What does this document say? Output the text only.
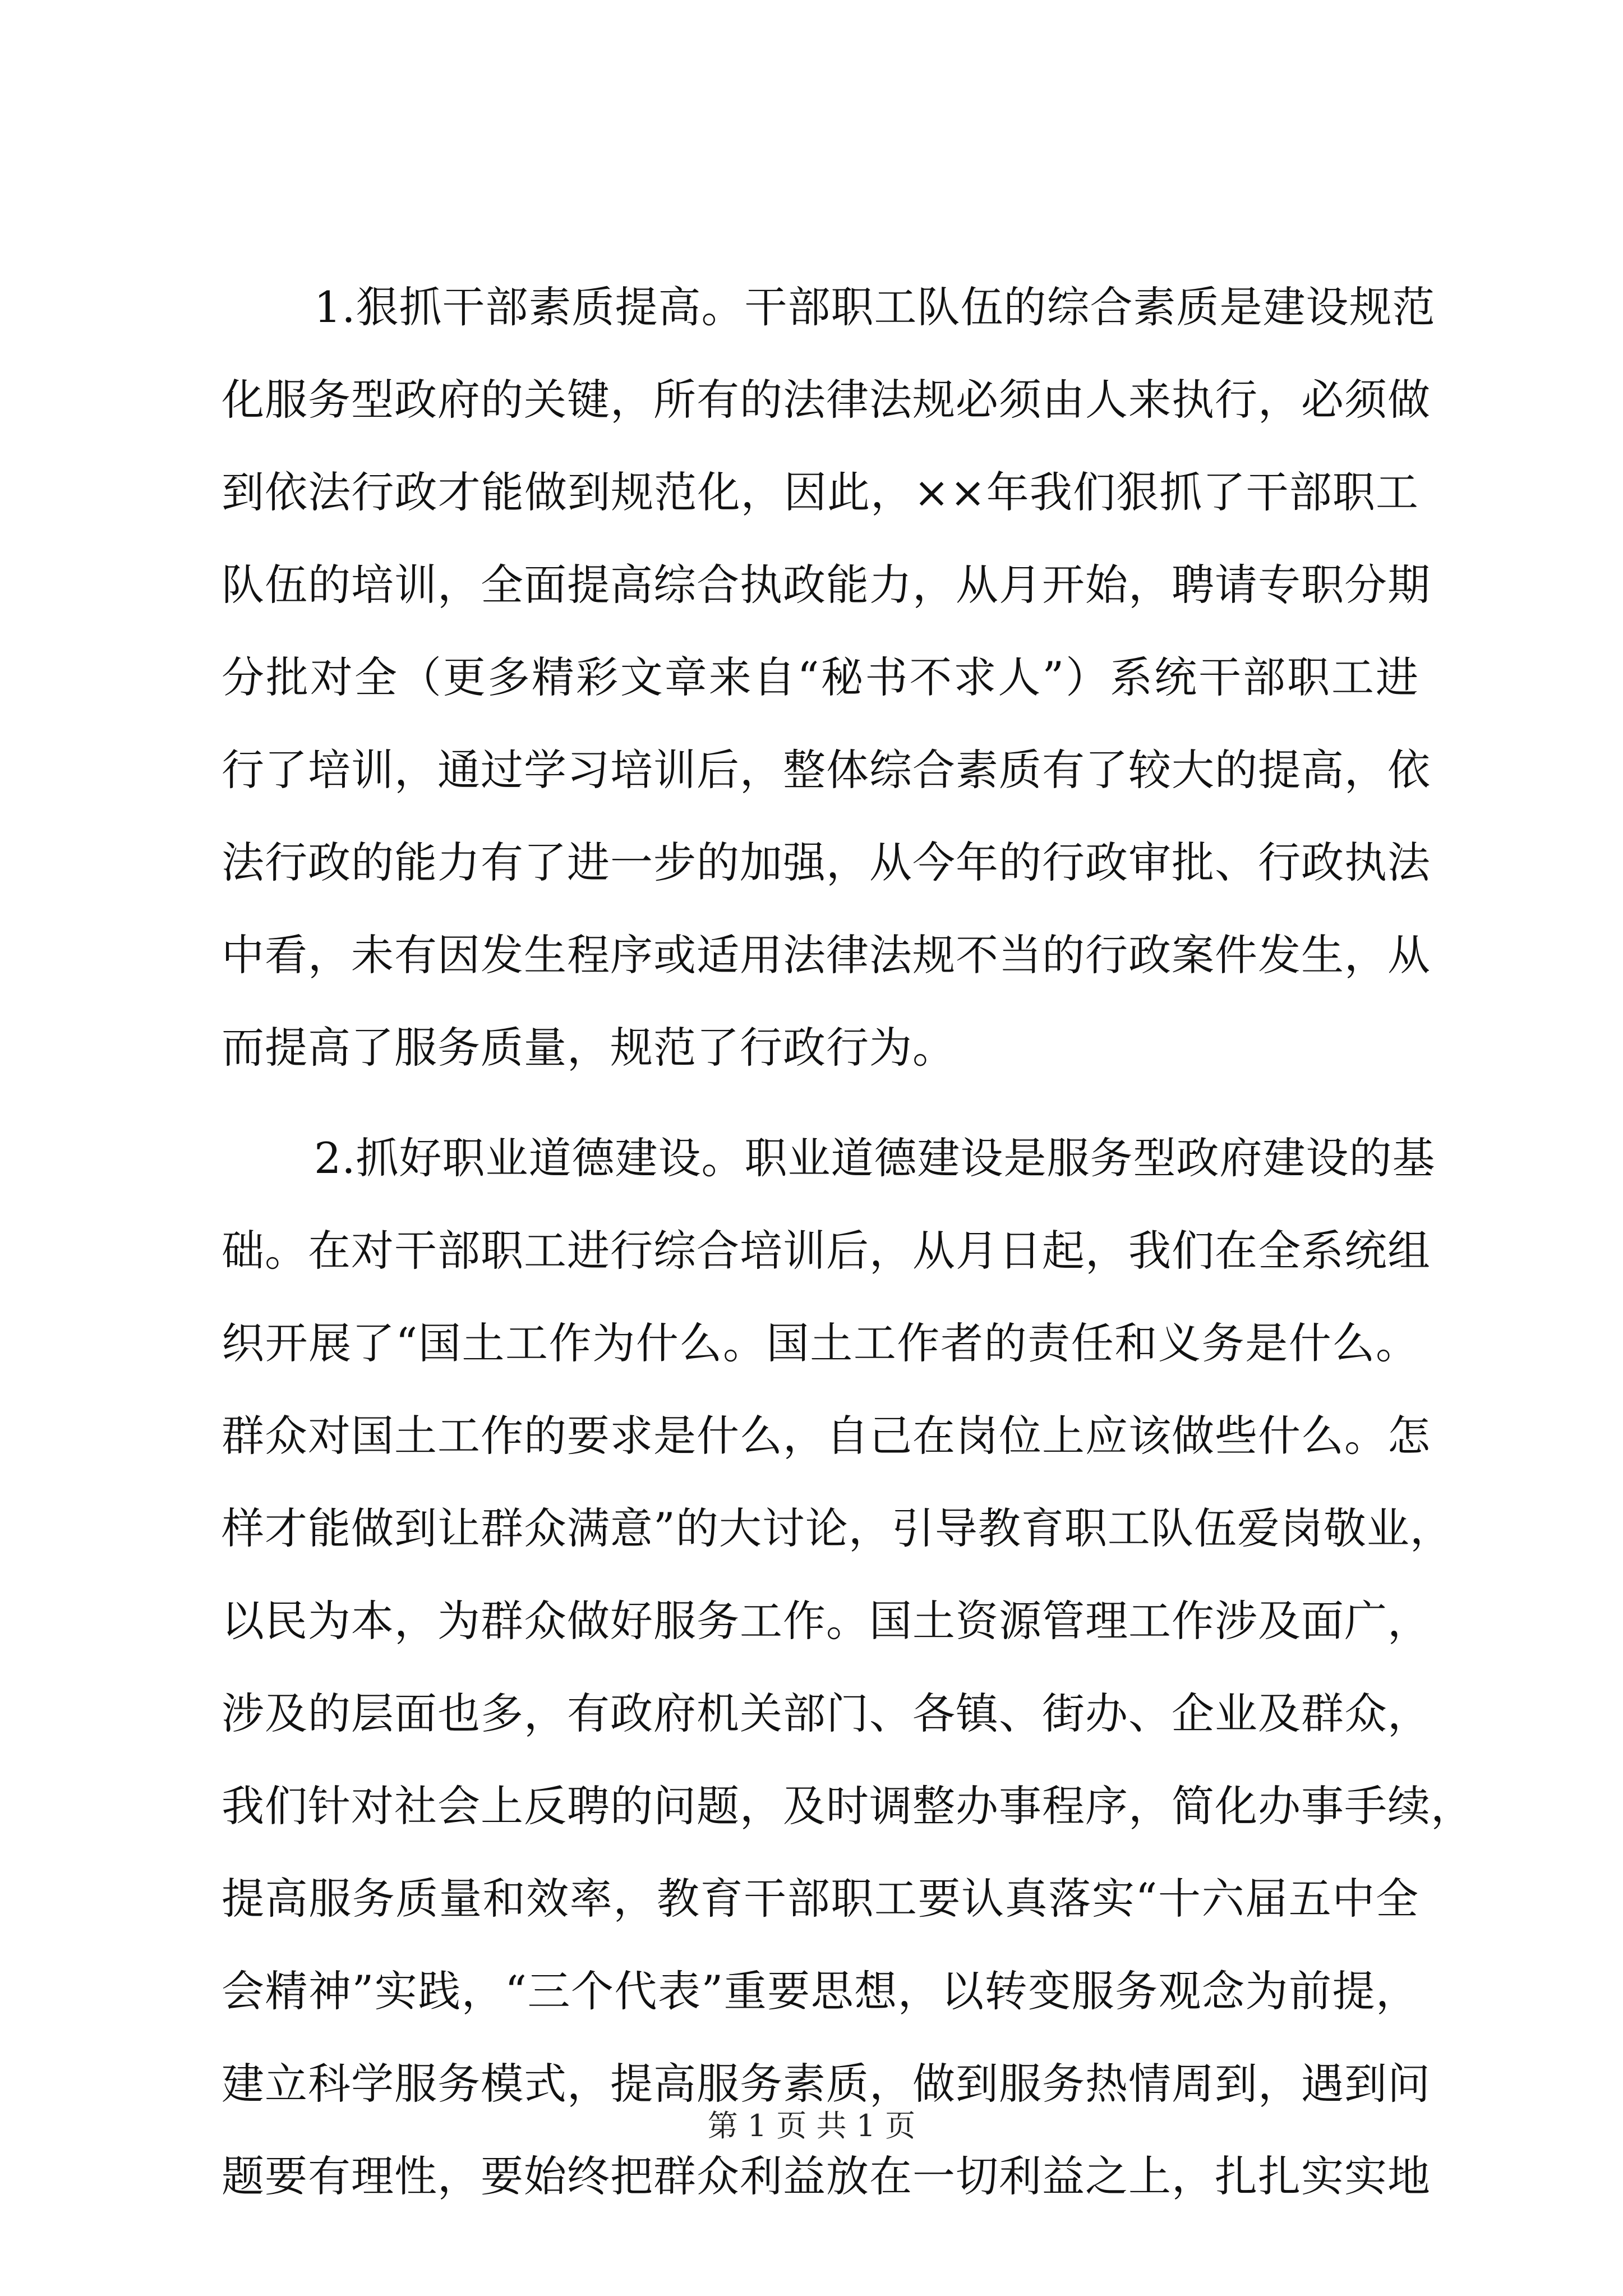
1.狠抓干部素质提高。干部职工队伍的综合素质是建设规范
化服务型政府的关键，所有的法律法规必须由人来执行，必须做
到依法行政才能做到规范化，因此，××年我们狠抓了干部职工
队伍的培训，全面提高综合执政能力，从月开始，聘请专职分期
分批对全（更多精彩文章来自“秘书不求人”）系统干部职工进
行了培训，通过学习培训后，整体综合素质有了较大的提高，依
法行政的能力有了进一步的加强，从今年的行政审批、行政执法
中看，未有因发生程序或适用法律法规不当的行政案件发生，从
而提高了服务质量，规范了行政行为。
2.抓好职业道德建设。职业道德建设是服务型政府建设的基
础。在对干部职工进行综合培训后，从月日起，我们在全系统组
织开展了“国土工作为什么。国土工作者的责任和义务是什么。
群众对国土工作的要求是什么，自己在岗位上应该做些什么。怎
样才能做到让群众满意”的大讨论，引导教育职工队伍爱岗敬业，
以民为本，为群众做好服务工作。国土资源管理工作涉及面广，
涉及的层面也多，有政府机关部门、各镇、街办、企业及群众，
我们针对社会上反聘的问题，及时调整办事程序，简化办事手续，
提高服务质量和效率，教育干部职工要认真落实“十六届五中全
会精神”实践，“三个代表”重要思想，以转变服务观念为前提，
建立科学服务模式，提高服务素质，做到服务热情周到，遇到问
题要有理性，要始终把群众利益放在一切利益之上，扎扎实实地
第 1 页 共 1 页
